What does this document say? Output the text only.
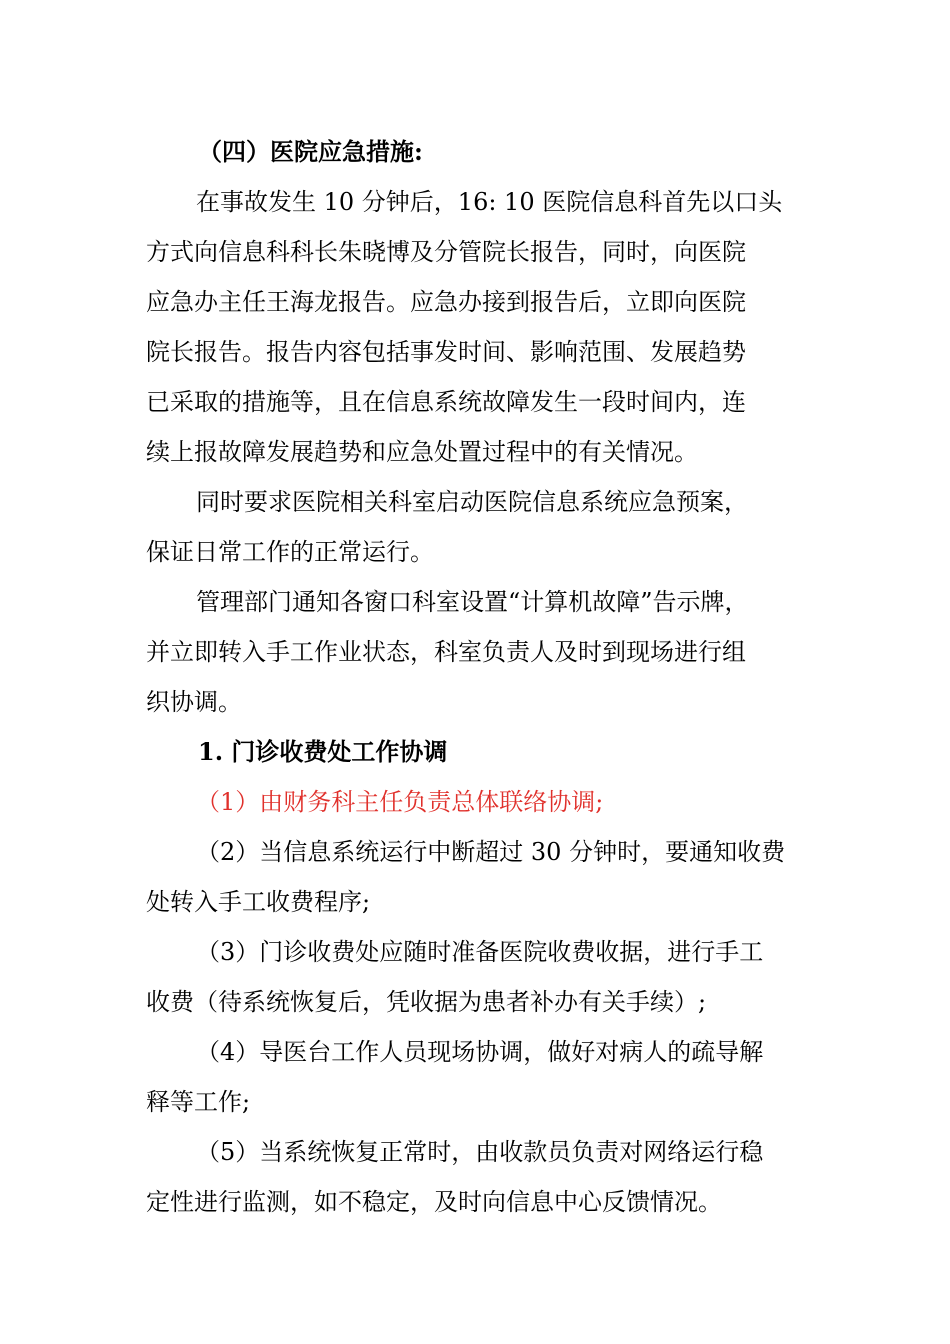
（四）医院应急措施:
在事故发生 10 分钟后，16: 10 医院信息科首先以口头
方式向信息科科长朱晓博及分管院长报告，同时，向医院
应急办主任王海龙报告。应急办接到报告后，立即向医院
院长报告。报告内容包括事发时间、影响范围、发展趋势
已采取的措施等，且在信息系统故障发生一段时间内，连
续上报故障发展趋势和应急处置过程中的有关情况。
同时要求医院相关科室启动医院信息系统应急预案，
保证日常工作的正常运行。
管理部门通知各窗口科室设置“计算机故障”告示牌，
并立即转入手工作业状态，科室负责人及时到现场进行组
织协调。
1. 门诊收费处工作协调
（1）由财务科主任负责总体联络协调;
（2）当信息系统运行中断超过 30 分钟时，要通知收费
处转入手工收费程序;
（3）门诊收费处应随时准备医院收费收据，进行手工
收费（待系统恢复后，凭收据为患者补办有关手续）;
（4）导医台工作人员现场协调，做好对病人的疏导解
释等工作;
（5）当系统恢复正常时，由收款员负责对网络运行稳
定性进行监测，如不稳定，及时向信息中心反馈情况。
